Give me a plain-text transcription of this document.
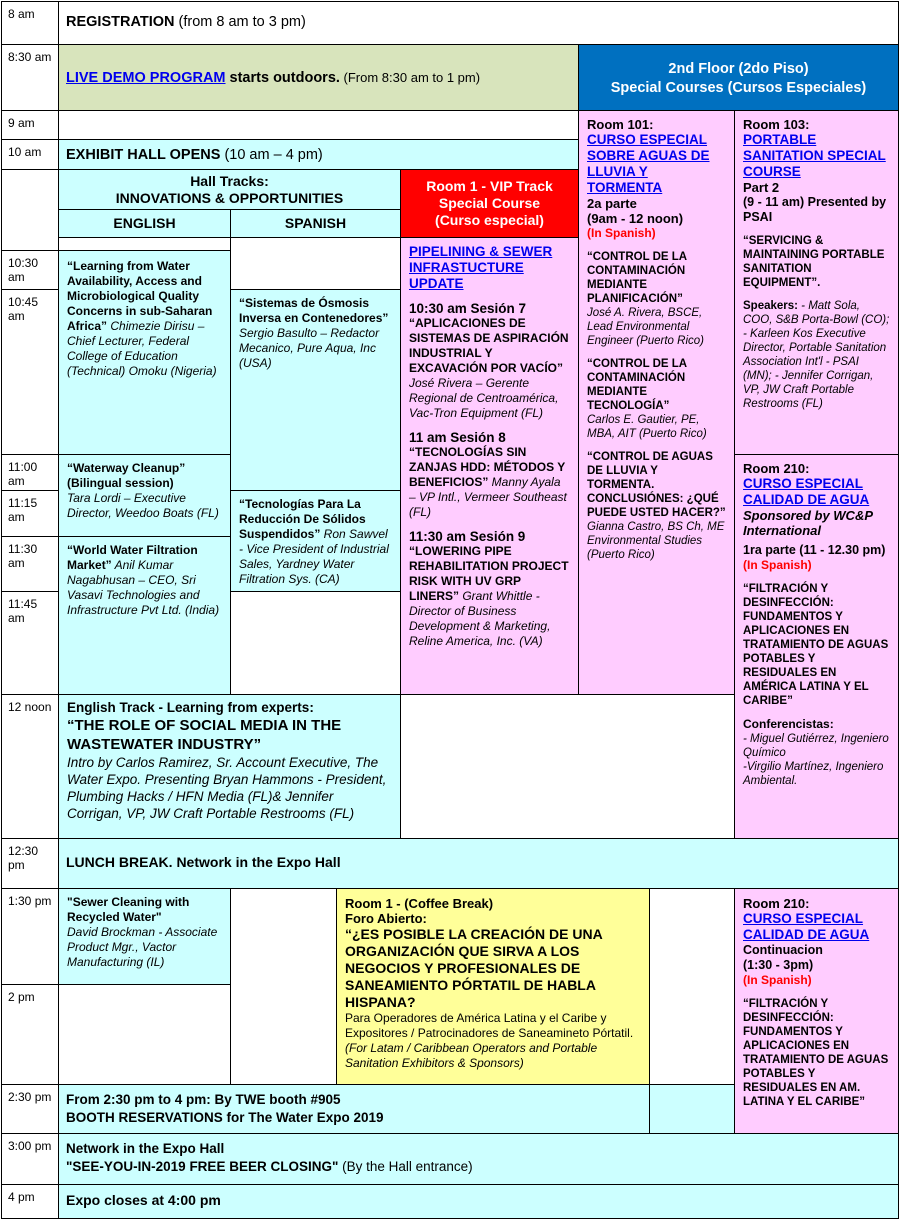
8 am
8:30 am
9 am
10 am
10:30 am
10:45 am
11:00 am
11:15 am
11:30 am
11:45 am
12 noon
12:30 pm
1:30 pm
2 pm
2:30 pm
3:00 pm
4 pm
REGISTRATION (from 8 am to 3 pm)
LIVE DEMO PROGRAM starts outdoors. (From 8:30 am to 1 pm)

2nd Floor (2do Piso)

Special Courses (Cursos Especiales)

EXHIBIT HALL OPENS (10 am – 4 pm)

Hall Tracks:

INNOVATIONS & OPPORTUNITIES

ENGLISH	SPANISH

Room 1 - VIP Track

Special Course

(Curso especial)

PIPELINING & SEWER INFRASTUCTURE UPDATE

10:30 am Sesión 7

“APLICACIONES DE SISTEMAS DE ASPIRACIÓN INDUSTRIAL Y EXCAVACIÓN POR VACÍO” José Rivera – Gerente Regional de Centroamérica, Vac-Tron Equipment (FL)

11 am Sesión 8

“TECNOLOGÍAS SIN ZANJAS HDD: MÉTODOS Y BENEFICIOS” Manny Ayala – VP Intl., Vermeer Southeast (FL)

11:30 am Sesión 9

“LOWERING PIPE REHABILITATION PROJECT RISK WITH UV GRP LINERS” Grant Whittle - Director of Business Development & Marketing, Reline America, Inc. (VA)

Room 101:

CURSO ESPECIAL SOBRE AGUAS DE LLUVIA Y TORMENTA

2a parte

(9am - 12 noon)

(In Spanish)

“CONTROL DE LA CONTAMINACIÓN MEDIANTE PLANIFICACIÓN”

José A. Rivera, BSCE, Lead Environmental Engineer (Puerto Rico)

“CONTROL DE LA CONTAMINACIÓN MEDIANTE TECNOLOGÍA”

Carlos E. Gautier, PE, MBA, AIT (Puerto Rico)

“CONTROL DE AGUAS DE LLUVIA Y TORMENTA. CONCLUSIÓNES: ¿QUÉ PUEDE USTED HACER?”

Gianna Castro, BS Ch, ME Environmental Studies (Puerto Rico)

Room 103:

PORTABLE SANITATION SPECIAL COURSE

Part 2

(9 - 11 am) Presented by PSAI

“SERVICING & MAINTAINING PORTABLE SANITATION EQUIPMENT”.

Speakers: - Matt Sola, COO, S&B Porta-Bowl (CO); - Karleen Kos Executive Director, Portable Sanitation Association Int'l - PSAI (MN); - Jennifer Corrigan, VP, JW Craft Portable Restrooms (FL)

Room 210:

CURSO ESPECIAL CALIDAD DE AGUA

Sponsored by WC&P International

1ra parte (11 - 12.30 pm)

(In Spanish)

“FILTRACIÓN Y DESINFECCIÓN: FUNDAMENTOS Y APLICACIONES EN TRATAMIENTO DE AGUAS POTABLES Y RESIDUALES EN AMÉRICA LATINA Y EL CARIBE”

Conferencistas:

- Miguel Gutiérrez, Ingeniero Químico

-Virgilio Martínez, Ingeniero Ambiental.

“Learning from Water Availability, Access and Microbiological Quality Concerns in sub-Saharan Africa” Chimezie Dirisu – Chief Lecturer, Federal College of Education (Technical) Omoku (Nigeria)

“Waterway Cleanup” (Bilingual session)

Tara Lordi – Executive Director, Weedoo Boats (FL)

“World Water Filtration Market” Anil Kumar Nagabhusan – CEO, Sri Vasavi Technologies and Infrastructure Pvt Ltd. (India)

“Sistemas de Ósmosis Inversa en Contenedores” Sergio Basulto – Redactor Mecanico, Pure Aqua, Inc (USA)

“Tecnologías Para La Reducción De Sólidos Suspendidos” Ron Sawvel - Vice President of Industrial Sales, Yardney Water Filtration Sys. (CA)

English Track - Learning from experts:

“THE ROLE OF SOCIAL MEDIA IN THE WASTEWATER INDUSTRY”

Intro by Carlos Ramirez, Sr. Account Executive, The Water Expo. Presenting Bryan Hammons - President, Plumbing Hacks / HFN Media (FL)& Jennifer Corrigan, VP, JW Craft Portable Restrooms (FL)

LUNCH BREAK. Network in the Expo Hall

"Sewer Cleaning with Recycled Water"

David Brockman - Associate Product Mgr., Vactor Manufacturing (IL)

Room 1 - (Coffee Break)

Foro Abierto:

“¿ES POSIBLE LA CREACIÓN DE UNA ORGANIZACIÓN QUE SIRVA A LOS NEGOCIOS Y PROFESIONALES DE SANEAMIENTO PÓRTATIL DE HABLA HISPANA?

Para Operadores de América Latina y el Caribe y Expositores / Patrocinadores de Saneamineto Pórtatil. (For Latam / Caribbean Operators and Portable Sanitation Exhibitors & Sponsors)

Room 210:

CURSO ESPECIAL CALIDAD DE AGUA

Continuacion

(1:30 - 3pm)

(In Spanish)

“FILTRACIÓN Y DESINFECCIÓN: FUNDAMENTOS Y APLICACIONES EN TRATAMIENTO DE AGUAS POTABLES Y RESIDUALES EN AM. LATINA Y EL CARIBE”

From 2:30 pm to 4 pm: By TWE booth #905

BOOTH RESERVATIONS for The Water Expo 2019

Network in the Expo Hall

"SEE-YOU-IN-2019 FREE BEER CLOSING" (By the Hall entrance)

Expo closes at 4:00 pm
